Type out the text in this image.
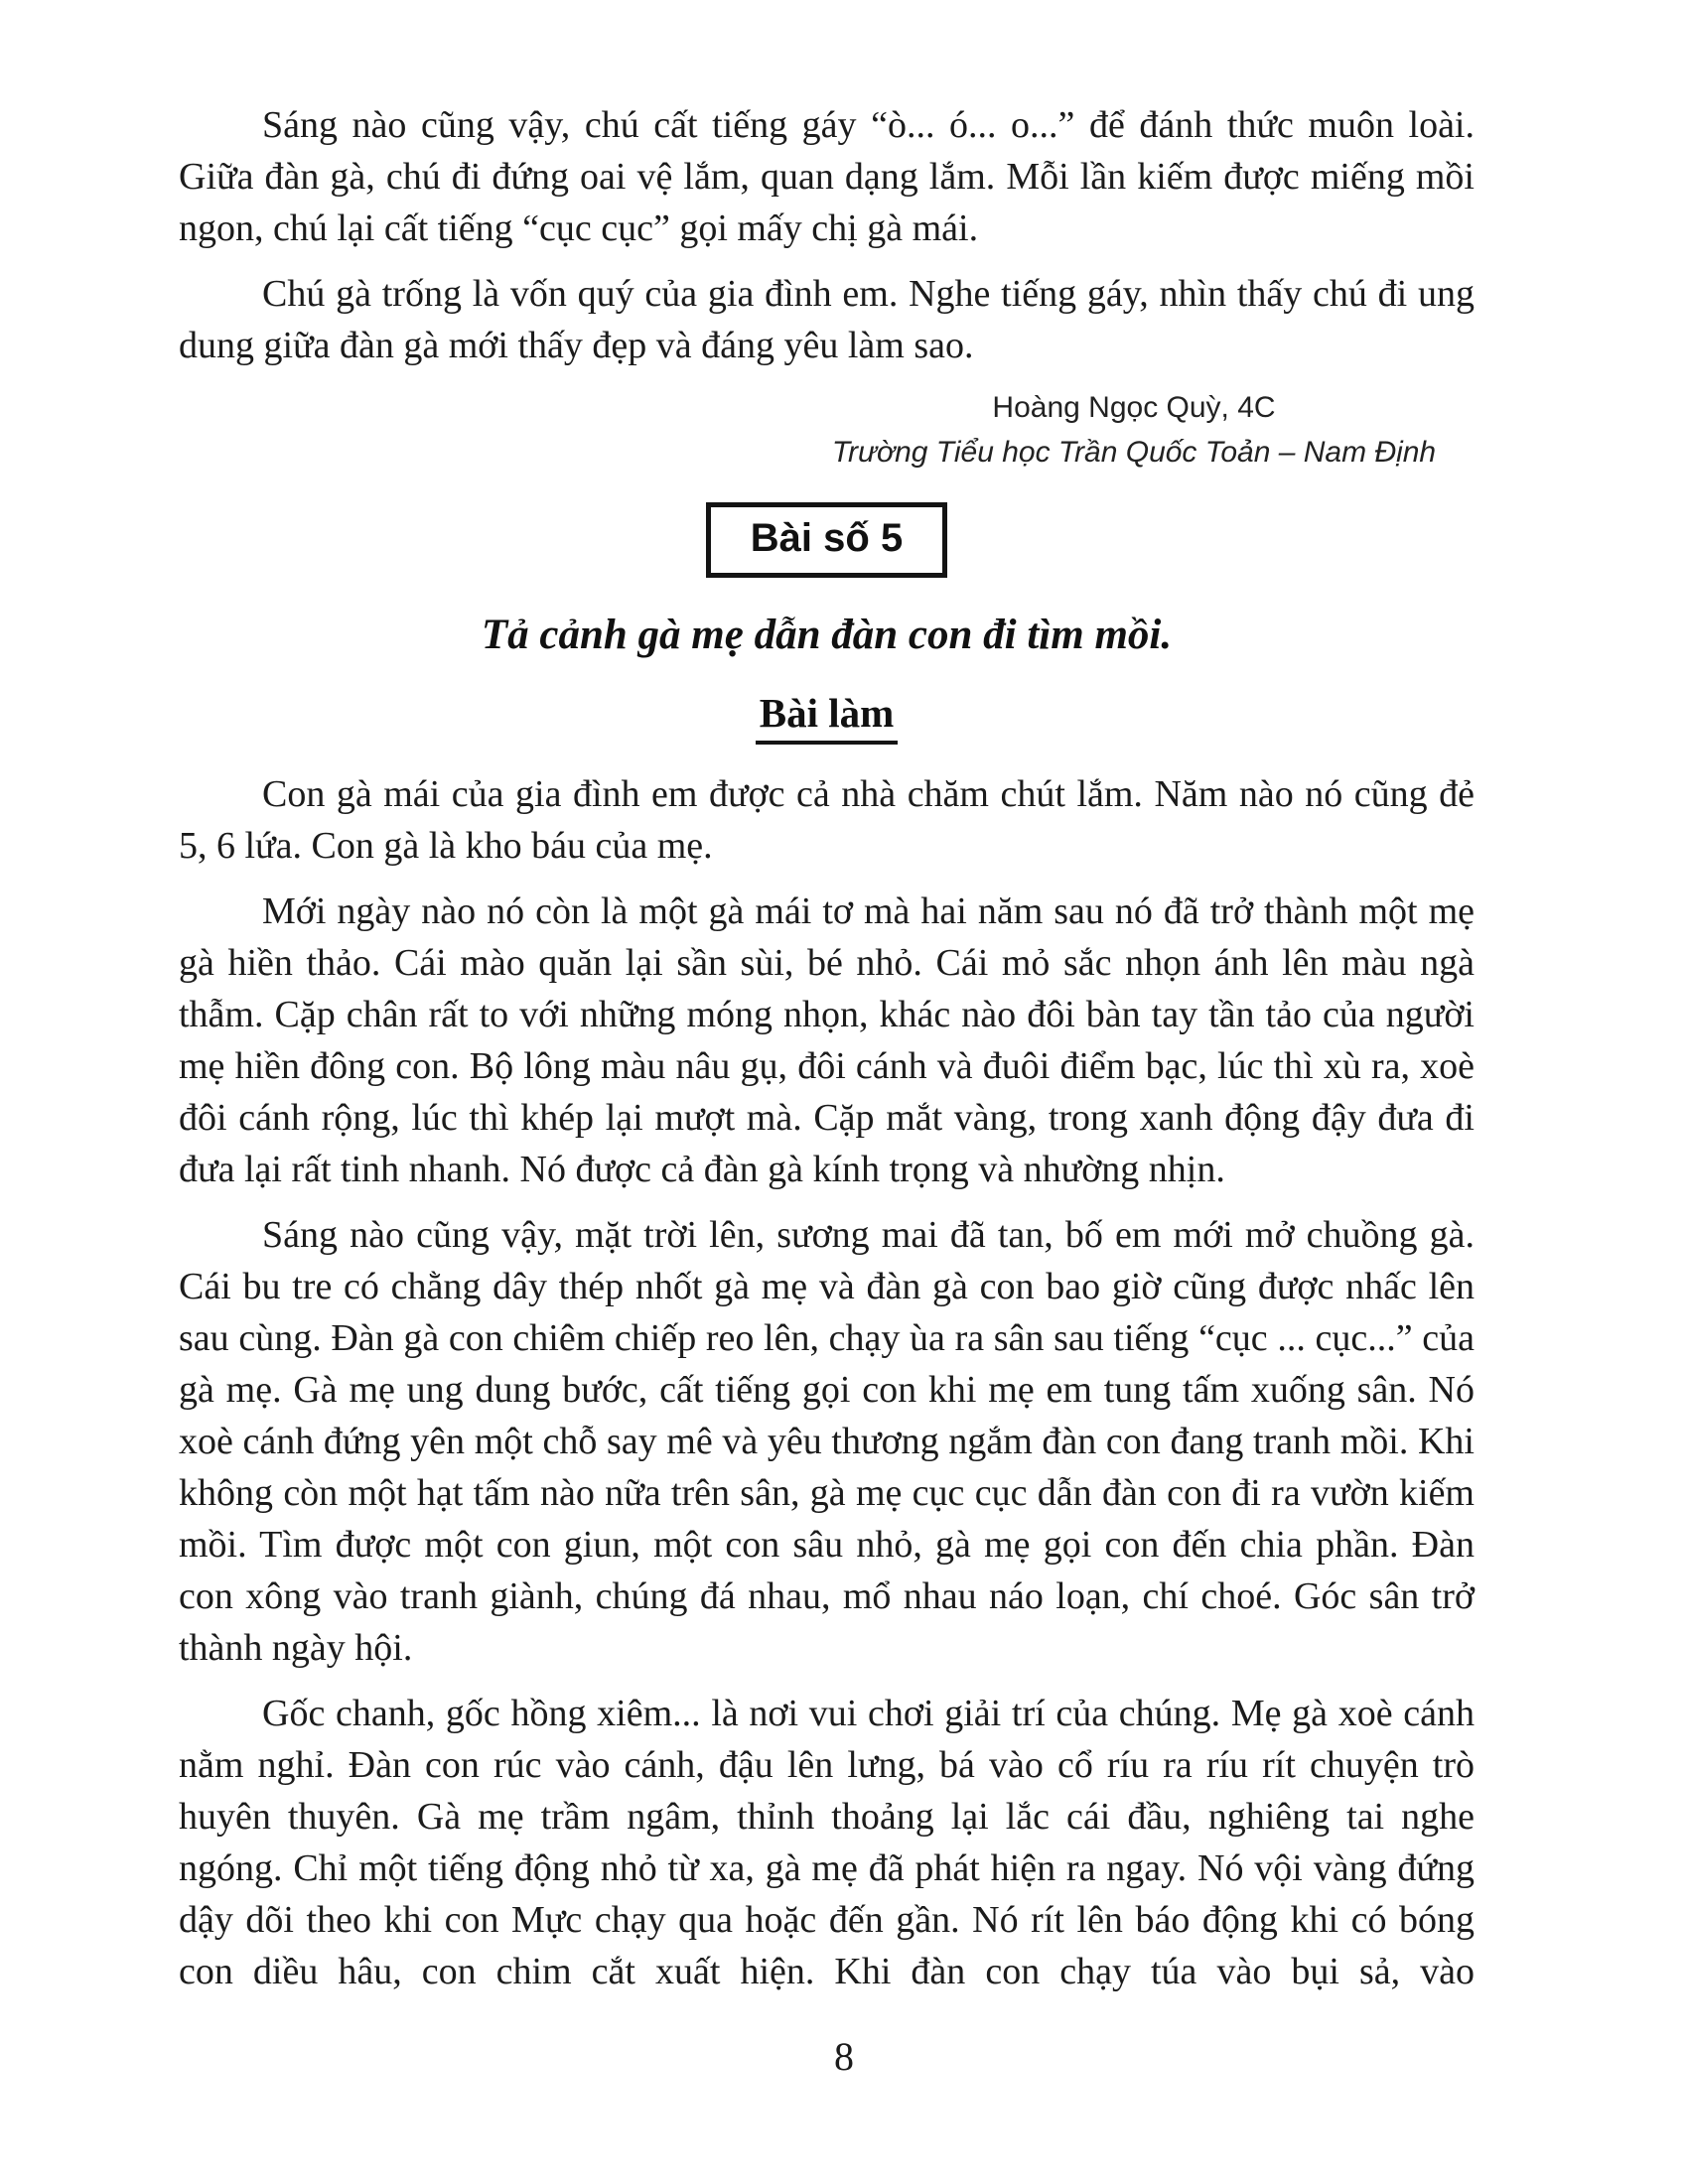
Sáng nào cũng vậy, chú cất tiếng gáy “ò... ó... o...” để đánh thức muôn loài. Giữa đàn gà, chú đi đứng oai vệ lắm, quan dạng lắm. Mỗi lần kiếm được miếng mồi ngon, chú lại cất tiếng “cục cục” gọi mấy chị gà mái.

Chú gà trống là vốn quý của gia đình em. Nghe tiếng gáy, nhìn thấy chú đi ung dung giữa đàn gà mới thấy đẹp và đáng yêu làm sao.

Hoàng Ngọc Quỳ, 4C
Trường Tiểu học Trần Quốc Toản – Nam Định
Bài số 5
Tả cảnh gà mẹ dẫn đàn con đi tìm mồi.
Bài làm

Con gà mái của gia đình em được cả nhà chăm chút lắm. Năm nào nó cũng đẻ 5, 6 lứa. Con gà là kho báu của mẹ.

Mới ngày nào nó còn là một gà mái tơ mà hai năm sau nó đã trở thành một mẹ gà hiền thảo. Cái mào quăn lại sần sùi, bé nhỏ. Cái mỏ sắc nhọn ánh lên màu ngà thẫm. Cặp chân rất to với những móng nhọn, khác nào đôi bàn tay tần tảo của người mẹ hiền đông con. Bộ lông màu nâu gụ, đôi cánh và đuôi điểm bạc, lúc thì xù ra, xoè đôi cánh rộng, lúc thì khép lại mượt mà. Cặp mắt vàng, trong xanh động đậy đưa đi đưa lại rất tinh nhanh. Nó được cả đàn gà kính trọng và nhường nhịn.

Sáng nào cũng vậy, mặt trời lên, sương mai đã tan, bố em mới mở chuồng gà. Cái bu tre có chằng dây thép nhốt gà mẹ và đàn gà con bao giờ cũng được nhấc lên sau cùng. Đàn gà con chiêm chiếp reo lên, chạy ùa ra sân sau tiếng “cục ... cục...” của gà mẹ. Gà mẹ ung dung bước, cất tiếng gọi con khi mẹ em tung tấm xuống sân. Nó xoè cánh đứng yên một chỗ say mê và yêu thương ngắm đàn con đang tranh mồi. Khi không còn một hạt tấm nào nữa trên sân, gà mẹ cục cục dẫn đàn con đi ra vườn kiếm mồi. Tìm được một con giun, một con sâu nhỏ, gà mẹ gọi con đến chia phần. Đàn con xông vào tranh giành, chúng đá nhau, mổ nhau náo loạn, chí choé. Góc sân trở thành ngày hội.

Gốc chanh, gốc hồng xiêm... là nơi vui chơi giải trí của chúng. Mẹ gà xoè cánh nằm nghỉ. Đàn con rúc vào cánh, đậu lên lưng, bá vào cổ ríu ra ríu rít chuyện trò huyên thuyên. Gà mẹ trầm ngâm, thỉnh thoảng lại lắc cái đầu, nghiêng tai nghe ngóng. Chỉ một tiếng động nhỏ từ xa, gà mẹ đã phát hiện ra ngay. Nó vội vàng đứng dậy dõi theo khi con Mực chạy qua hoặc đến gần. Nó rít lên báo động khi có bóng con diều hâu, con chim cắt xuất hiện. Khi đàn con chạy túa vào bụi sả, vào

8
